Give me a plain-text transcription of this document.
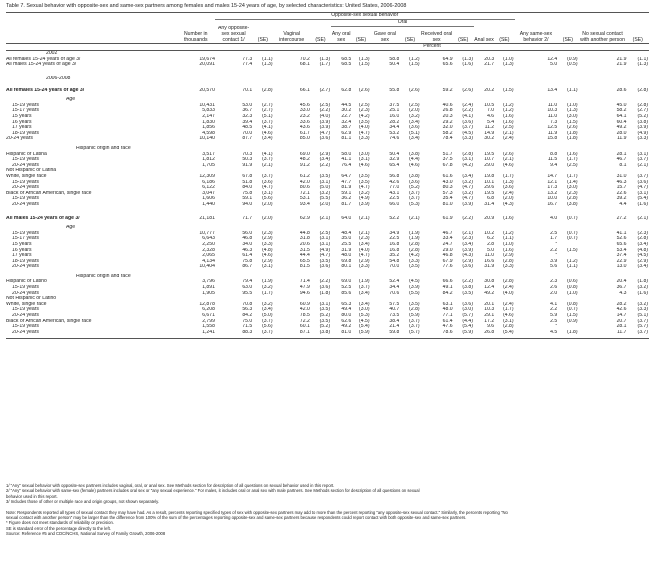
Table 7. Sexual behavior with opposite-sex and same-sex partners among females and males 15-24 years of age, by selected characteristics: United States, 2006-2008
		Opposite-sex sexual behavior															
						Oral											
	Number in thousands	Any opposite-sex sexual contact 1/	(SE)	Vaginal intercourse	(SE)	Any oral sex	(SE)	Gave oral sex	(SE)	Received oral sex	(SE)	Anal sex	(SE)	Any same-sex behavior 2/	(SE)	No sexual contact with another person	(SE)
		Percent															
2002																	
All females 15-24 years of age 3/	19,674	77.3	(1.1)	70.2	(1.3)	68.5	(1.3)	58.8	(1.2)	64.9	(1.3)	20.3	(1.0)	12.4	(0.9)	21.9	(1.1)
All males 15-24 years of age 3/	20,091	77.4	(1.3)	68.1	(1.7)	68.5	(1.5)	50.4	(1.5)	65.6	(1.6)	21.7	(1.3)	5.0	(0.5)	21.9	(1.3)

2006-2008																	

All females 15-24 years of age 3/	20,570	70.1	(2.8)	66.1	(2.7)	62.8	(2.6)	55.8	(2.6)	59.2	(2.6)	20.2	(1.5)	13.4	(1.1)	28.6	(2.8)

Age																	
15-19 years	10,431	53.0	(2.7)	45.6	(2.5)	44.5	(2.5)	37.5	(2.5)	40.6	(2.4)	10.5	(1.2)	11.0	(1.0)	45.0	(2.8)
15-17 years	5,833	36.7	(2.7)	33.0	(2.2)	30.2	(2.3)	25.1	(2.0)	26.8	(2.2)	7.0	(1.2)	10.3	(1.3)	58.2	(2.7)
15 years	2,147	32.3	(5.1)	23.2	(4.0)	22.7	(4.2)	16.0	(3.2)	20.3	(4.1)	4.6	(1.6)	11.0	(3.0)	64.1	(5.2)
16 years	1,830	39.4	(3.7)	33.6	(3.9)	32.4	(3.5)	28.2	(3.4)	29.2	(3.6)	5.4	(1.6)	7.3	(1.5)	60.4	(3.8)
17 years	1,856	48.5	(4.1)	43.6	(3.9)	38.7	(4.0)	34.4	(3.6)	32.0	(3.7)	11.2	(2.5)	12.5	(2.6)	49.2	(3.9)
18-19 years	4,598	70.0	(4.6)	61.7	(4.7)	62.9	(4.7)	53.2	(5.1)	58.2	(4.5)	14.9	(2.1)	11.9	(1.8)	28.0	(4.9)
20-24 years	10,140	87.7	(3.4)	85.0	(3.6)	81.1	(3.3)	74.6	(3.4)	78.4	(3.3)	30.2	(2.4)	15.8	(1.8)	11.9	(3.3)

Hispanic origin and race																	
Hispanic or Latina	3,517	70.3	(4.1)	69.0	(2.9)	58.0	(3.0)	50.4	(3.8)	51.7	(2.8)	19.5	(2.6)	8.8	(1.6)	28.1	(3.1)
15-19 years	1,812	50.3	(3.7)	48.2	(3.4)	41.1	(3.1)	32.9	(4.4)	37.5	(3.1)	10.7	(2.1)	11.5	(1.7)	46.7	(3.7)
20-24 years	1,705	91.9	(2.1)	91.2	(2.2)	76.4	(4.6)	65.4	(4.6)	67.8	(4.2)	29.0	(4.6)	9.4	(2.5)	8.1	(2.1)
Not Hispanic or Latina																	
White, single race	12,309	67.8	(3.7)	61.2	(3.5)	64.7	(3.5)	56.8	(3.8)	61.6	(3.4)	19.8	(1.7)	14.7	(1.7)	31.0	(3.7)
15-19 years	6,186	51.8	(3.6)	42.0	(3.1)	47.7	(3.5)	42.6	(3.6)	43.0	(3.2)	10.1	(1.3)	12.1	(1.4)	46.3	(3.6)
20-24 years	6,122	84.0	(4.7)	80.6	(5.0)	81.9	(4.7)	77.0	(5.2)	80.3	(4.7)	29.6	(3.6)	17.3	(3.0)	15.7	(4.7)
Black or African American, single race	3,047	75.8	(3.1)	72.1	(3.2)	59.1	(3.2)	43.1	(3.7)	57.3	(3.2)	19.5	(2.4)	13.2	(2.3)	22.6	(3.1)
15-19 years	1,606	59.1	(5.6)	53.1	(5.5)	36.2	(4.9)	22.5	(3.7)	35.4	(4.7)	6.8	(2.0)	10.0	(2.8)	39.2	(5.4)
20-24 years	1,440	94.0	(2.0)	93.4	(2.0)	81.7	(3.9)	66.0	(5.3)	81.0	(3.9)	31.4	(4.3)	16.7	(3.8)	4.4	(1.6)

All males 15-24 years of age 3/	21,181	71.7	(2.0)	62.9	(2.1)	64.0	(2.1)	52.2	(2.1)	61.9	(2.2)	20.9	(1.6)	4.0	(0.7)	27.2	(2.1)

Age																	
15-19 years	10,777	56.0	(2.3)	44.8	(2.5)	48.4	(2.1)	34.9	(1.9)	46.7	(2.1)	10.2	(1.2)	2.5	(0.7)	41.1	(2.3)
15-17 years	6,643	46.8	(2.9)	31.8	(3.1)	35.0	(2.3)	22.5	(1.9)	33.4	(2.3)	6.2	(1.1)	1.7	(0.7)	52.6	(2.8)
15 years	2,250	34.0	(3.3)	20.6	(3.1)	25.5	(3.4)	16.8	(2.8)	24.7	(3.4)	2.8	(1.0)	*		65.6	(3.4)
16 years	2,328	46.3	(4.8)	31.5	(4.9)	31.9	(4.0)	16.8	(2.8)	29.0	(3.9)	5.0	(1.6)	2.2	(1.5)	53.4	(4.8)
17 years	2,065	61.4	(4.6)	44.4	(4.7)	48.0	(4.7)	35.2	(4.2)	46.8	(4.3)	11.0	(2.9)	*		37.4	(4.5)
18-19 years	4,134	75.8	(2.9)	65.5	(3.5)	69.8	(2.9)	54.8	(3.3)	67.9	(2.9)	16.6	(2.8)	3.9	(1.2)	22.9	(2.9)
20-24 years	10,404	86.7	(3.1)	81.5	(3.6)	80.1	(3.3)	70.0	(3.5)	77.6	(3.6)	31.9	(3.3)	5.6	(1.1)	13.0	(3.4)

Hispanic origin and race																	
Hispanic or Latino	3,796	79.4	(1.9)	71.4	(2.2)	69.0	(1.9)	52.4	(4.5)	66.6	(2.2)	30.8	(2.8)	2.3	(0.6)	20.4	(1.8)
15-19 years	1,891	63.0	(3.2)	47.9	(3.6)	52.5	(3.7)	34.4	(3.9)	49.1	(3.8)	12.4	(2.4)	2.6	(0.8)	36.7	(3.2)
20-24 years	1,905	95.5	(1.7)	94.6	(1.8)	85.6	(3.4)	70.6	(5.5)	84.2	(3.5)	49.2	(4.0)	2.0	(1.0)	4.3	(1.6)
Not Hispanic or Latino																	
White, single race	12,878	70.8	(3.2)	60.9	(3.1)	65.3	(3.4)	57.5	(3.5)	63.1	(3.6)	20.1	(2.4)	4.1	(0.8)	28.2	(3.2)
15-19 years	6,208	56.3	(3.4)	42.0	(3.5)	49.4	(3.0)	40.7	(2.8)	48.0	(3.0)	10.3	(1.7)	2.2	(0.7)	42.6	(3.3)
20-24 years	6,671	84.2	(5.0)	78.5	(5.2)	80.0	(5.3)	73.5	(5.9)	77.1	(5.7)	29.1	(4.6)	5.9	(1.5)	14.7	(5.1)
Black or African American, single race	2,799	75.0	(3.7)	72.2	(3.5)	62.6	(4.5)	38.4	(3.7)	61.4	(4.4)	17.2	(3.1)	2.5	(0.9)	20.7	(3.7)
15-19 years	1,558	71.5	(5.6)	60.1	(5.2)	49.2	(5.4)	21.4	(3.7)	47.6	(5.4)	9.6	(2.8)	*		28.1	(5.7)
20-24 years	1,241	88.3	(3.7)	87.1	(3.8)	81.0	(5.9)	59.8	(5.7)	78.6	(5.9)	26.8	(5.4)	4.5	(1.8)	11.7	(3.7)

1/ "Any" sexual behavior with opposite-sex partners includes vaginal, oral, or anal sex. See Methods section for description of all questions on sexual behavior used in this report.

2/ "Any" sexual behavior with same-sex (female) partners includes oral sex or "any sexual experience." For males, it includes oral or anal sex with male partners. See Methods section for description of all questions on sexual

behavior used in this report.

3/ Includes those of other or multiple race and origin groups, not shown separately.

Note: Respondents reported all types of sexual contact they may have had. As a result, percents reporting specified types of sex with opposite-sex partners may add to more than the percent reporting "any opposite-sex sexual contact." Similarly, the percents reporting "No

sexual contact with another person" may be larger than the difference from 100% of the sum of the percentages reporting opposite-sex and same-sex partners because respondents could report contact with both opposite-sex and same-sex partners.

* Figure does not meet standards of reliability or precision.

SE is standard error of the percentage directly to the left.

Source: Reference #5 and CDC/NCHS, National Survey of Family Growth, 2006-2008
